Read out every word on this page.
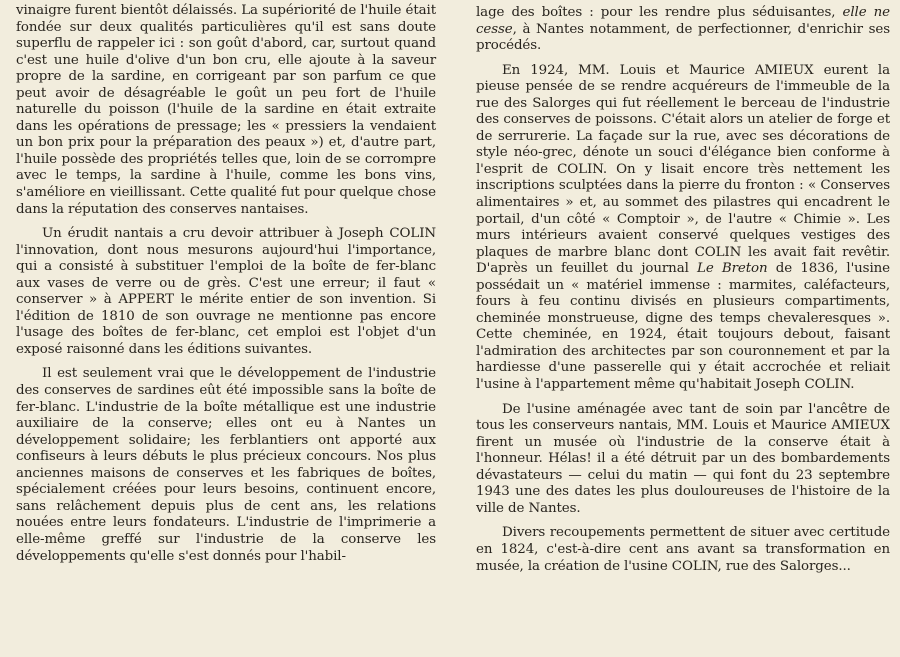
vinaigre furent bientôt délaissés. La supériorité de l'huile était fondée sur deux qualités particulières qu'il est sans doute superflu de rappeler ici : son goût d'abord, car, surtout quand c'est une huile d'olive d'un bon cru, elle ajoute à la saveur propre de la sardine, en corrigeant par son parfum ce que peut avoir de désagréable le goût un peu fort de l'huile naturelle du poisson (l'huile de la sardine en était extraite dans les opérations de pressage; les « pressiers la vendaient un bon prix pour la préparation des peaux ») et, d'autre part, l'huile possède des propriétés telles que, loin de se corrompre avec le temps, la sardine à l'huile, comme les bons vins, s'améliore en vieillissant. Cette qualité fut pour quelque chose dans la réputation des conserves nantaises.

Un érudit nantais a cru devoir attribuer à Joseph COLIN l'innovation, dont nous mesurons aujourd'hui l'importance, qui a consisté à substituer l'emploi de la boîte de fer-blanc aux vases de verre ou de grès. C'est une erreur; il faut « conserver » à APPERT le mérite entier de son invention. Si l'édition de 1810 de son ouvrage ne mentionne pas encore l'usage des boîtes de fer-blanc, cet emploi est l'objet d'un exposé raisonné dans les éditions suivantes.

Il est seulement vrai que le développement de l'industrie des conserves de sardines eût été impossible sans la boîte de fer-blanc. L'industrie de la boîte métallique est une industrie auxiliaire de la conserve; elles ont eu à Nantes un développement solidaire; les ferblantiers ont apporté aux confiseurs à leurs débuts le plus précieux concours. Nos plus anciennes maisons de conserves et les fabriques de boîtes, spécialement créées pour leurs besoins, continuent encore, sans relâchement depuis plus de cent ans, les relations nouées entre leurs fondateurs. L'industrie de l'imprimerie a elle-même greffé sur l'industrie de la conserve les développements qu'elle s'est donnés pour l'habil-

lage des boîtes : pour les rendre plus séduisantes, elle ne cesse, à Nantes notamment, de perfectionner, d'enrichir ses procédés.

En 1924, MM. Louis et Maurice AMIEUX eurent la pieuse pensée de se rendre acquéreurs de l'immeuble de la rue des Salorges qui fut réellement le berceau de l'industrie des conserves de poissons. C'était alors un atelier de forge et de serrurerie. La façade sur la rue, avec ses décorations de style néo-grec, dénote un souci d'élégance bien conforme à l'esprit de COLIN. On y lisait encore très nettement les inscriptions sculptées dans la pierre du fronton : « Conserves alimentaires » et, au sommet des pilastres qui encadrent le portail, d'un côté « Comptoir », de l'autre « Chimie ». Les murs intérieurs avaient conservé quelques vestiges des plaques de marbre blanc dont COLIN les avait fait revêtir. D'après un feuillet du journal Le Breton de 1836, l'usine possédait un « matériel immense : marmites, caléfacteurs, fours à feu continu divisés en plusieurs compartiments, cheminée monstrueuse, digne des temps chevaleresques ». Cette cheminée, en 1924, était toujours debout, faisant l'admiration des architectes par son couronnement et par la hardiesse d'une passerelle qui y était accrochée et reliait l'usine à l'appartement même qu'habitait Joseph COLIN.

De l'usine aménagée avec tant de soin par l'ancêtre de tous les conserveurs nantais, MM. Louis et Maurice AMIEUX firent un musée où l'industrie de la conserve était à l'honneur. Hélas! il a été détruit par un des bombardements dévastateurs — celui du matin — qui font du 23 septembre 1943 une des dates les plus douloureuses de l'histoire de la ville de Nantes.

Divers recoupements permettent de situer avec certitude en 1824, c'est-à-dire cent ans avant sa transformation en musée, la création de l'usine COLIN, rue des Salorges...
